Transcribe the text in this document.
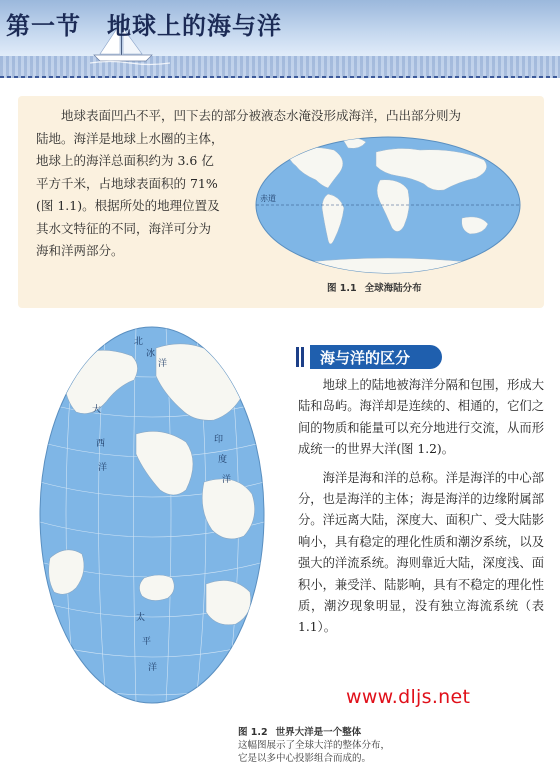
第一节 地球上的海与洋

地球表面凹凸不平，凹下去的部分被液态水淹没形成海洋，凸出部分则为

陆地。海洋是地球上水圈的主体，

地球上的海洋总面积约为 3.6 亿

平方千米，占地球表面积的 71%

(图 1.1)。根据所处的地理位置及

其水文特征的不同，海洋可分为

海和洋两部分。

赤道
图 1.1 全球海陆分布
北
冰
洋
大
西
洋
印
度
洋
太
平
洋
海与洋的区分

地球上的陆地被海洋分隔和包围，形成大陆和岛屿。海洋却是连续的、相通的，它们之间的物质和能量可以充分地进行交流，从而形成统一的世界大洋(图 1.2)。

海洋是海和洋的总称。洋是海洋的中心部分，也是海洋的主体；海是海洋的边缘附属部分。洋远离大陆，深度大、面积广、受大陆影响小，具有稳定的理化性质和潮汐系统，以及强大的洋流系统。海则靠近大陆，深度浅、面积小，兼受洋、陆影响，具有不稳定的理化性质，潮汐现象明显，没有独立海流系统（表 1.1）。

www.dljs.net
图 1.2 世界大洋是一个整体
这幅图展示了全球大洋的整体分布，
它是以多中心投影组合而成的。
